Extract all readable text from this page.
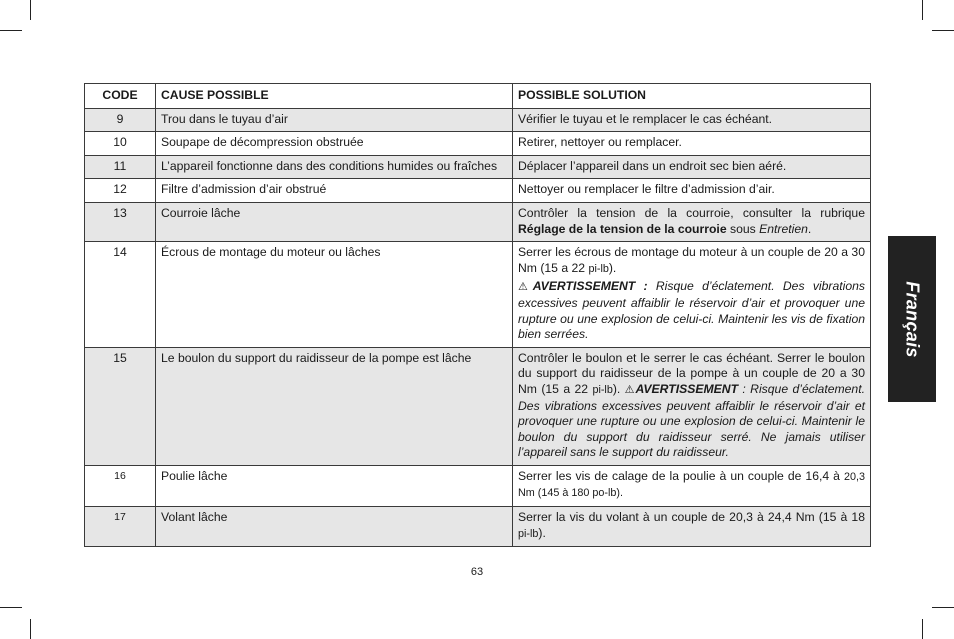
CODE	CAUSE POSSIBLE	POSSIBLE SOLUTION
9	Trou dans le tuyau d’air	Vérifier le tuyau et le remplacer le cas échéant.
10	Soupape de décompression obstruée	Retirer, nettoyer ou remplacer.
11	L’appareil fonctionne dans des conditions humides ou fraîches	Déplacer l’appareil dans un endroit sec bien aéré.
12	Filtre d’admission d’air obstrué	Nettoyer ou remplacer le filtre d’admission d’air.
13	Courroie lâche	Contrôler la tension de la courroie, consulter la rubrique Réglage de la tension de la courroie sous Entretien.
14	Écrous de montage du moteur ou lâches	Serrer les écrous de montage du moteur à un couple de 20 a 30 Nm (15 a 22 pi-lb).
⚠AVERTISSEMENT : Risque d’éclatement. Des vibrations excessives peuvent affaiblir le réservoir d’air et provoquer une rupture ou une explosion de celui-ci. Maintenir les vis de fixation bien serrées.

15	Le boulon du support du raidisseur de la pompe est lâche	Contrôler le boulon et le serrer le cas échéant. Serrer le boulon du support du raidisseur de la pompe à un couple de 20 a 30 Nm (15 a 22 pi-lb). ⚠AVERTISSEMENT : Risque d’éclatement. Des vibrations excessives peuvent affaiblir le réservoir d’air et provoquer une rupture ou une explosion de celui-ci. Maintenir le boulon du support du raidisseur serré. Ne jamais utiliser l’appareil sans le support du raidisseur.
16	Poulie lâche	Serrer les vis de calage de la poulie à un couple de 16,4 à 20,3 Nm (145 à 180 po-lb).
17	Volant lâche	Serrer la vis du volant à un couple de 20,3 à 24,4 Nm (15 à 18 pi-lb).
Français
63
